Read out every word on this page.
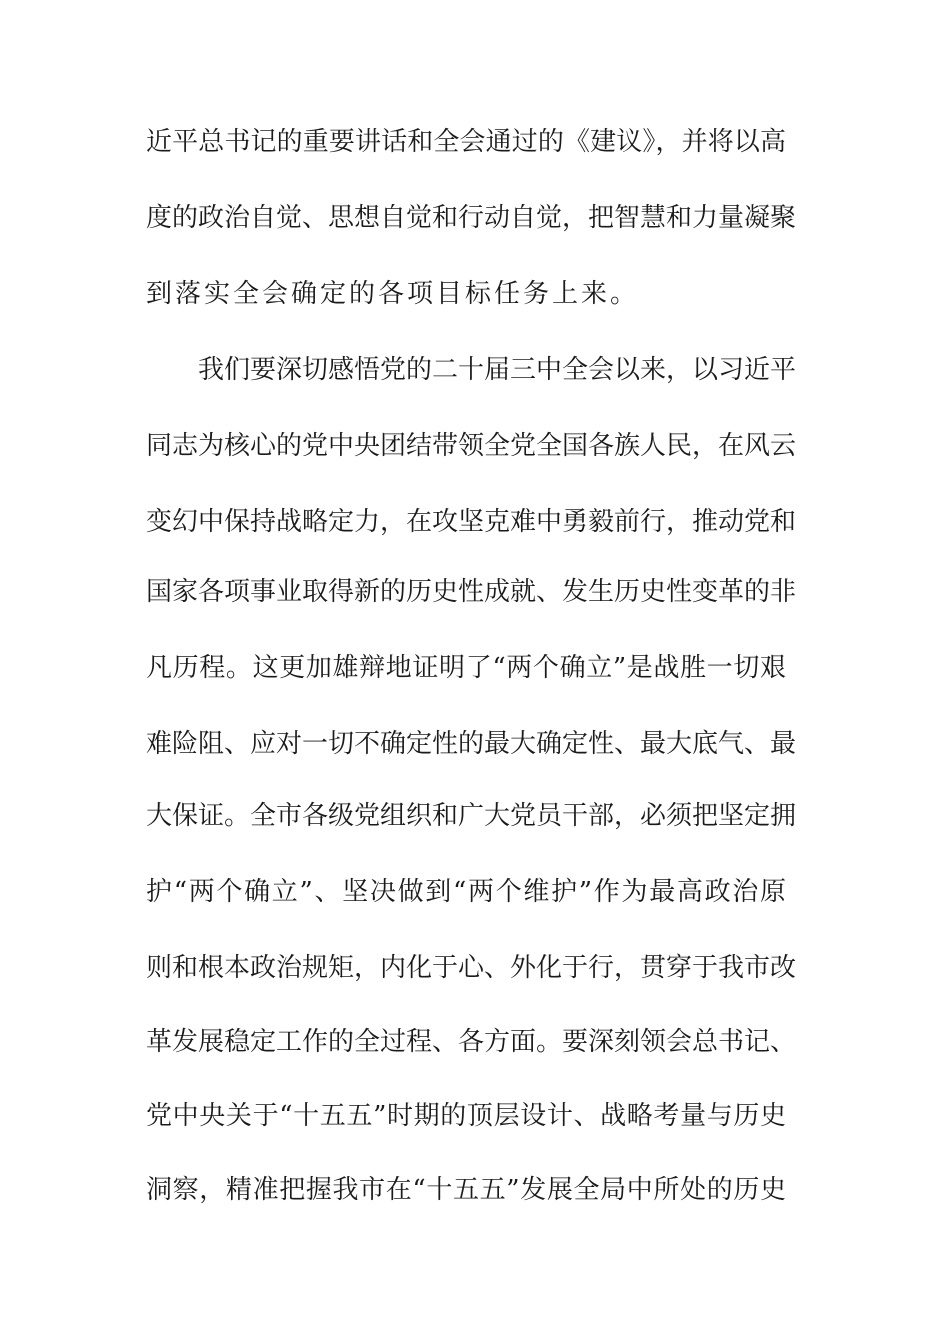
近平总书记的重要讲话和全会通过的《建议》，并将以高
度的政治自觉、思想自觉和行动自觉，把智慧和力量凝聚
到落实全会确定的各项目标任务上来。
我们要深切感悟党的二十届三中全会以来，以习近平
同志为核心的党中央团结带领全党全国各族人民，在风云
变幻中保持战略定力，在攻坚克难中勇毅前行，推动党和
国家各项事业取得新的历史性成就、发生历史性变革的非
凡历程。这更加雄辩地证明了“两个确立”是战胜一切艰
难险阻、应对一切不确定性的最大确定性、最大底气、最
大保证。全市各级党组织和广大党员干部，必须把坚定拥
护“两个确立”、坚决做到“两个维护”作为最高政治原
则和根本政治规矩，内化于心、外化于行，贯穿于我市改
革发展稳定工作的全过程、各方面。要深刻领会总书记、
党中央关于“十五五”时期的顶层设计、战略考量与历史
洞察，精准把握我市在“十五五”发展全局中所处的历史
